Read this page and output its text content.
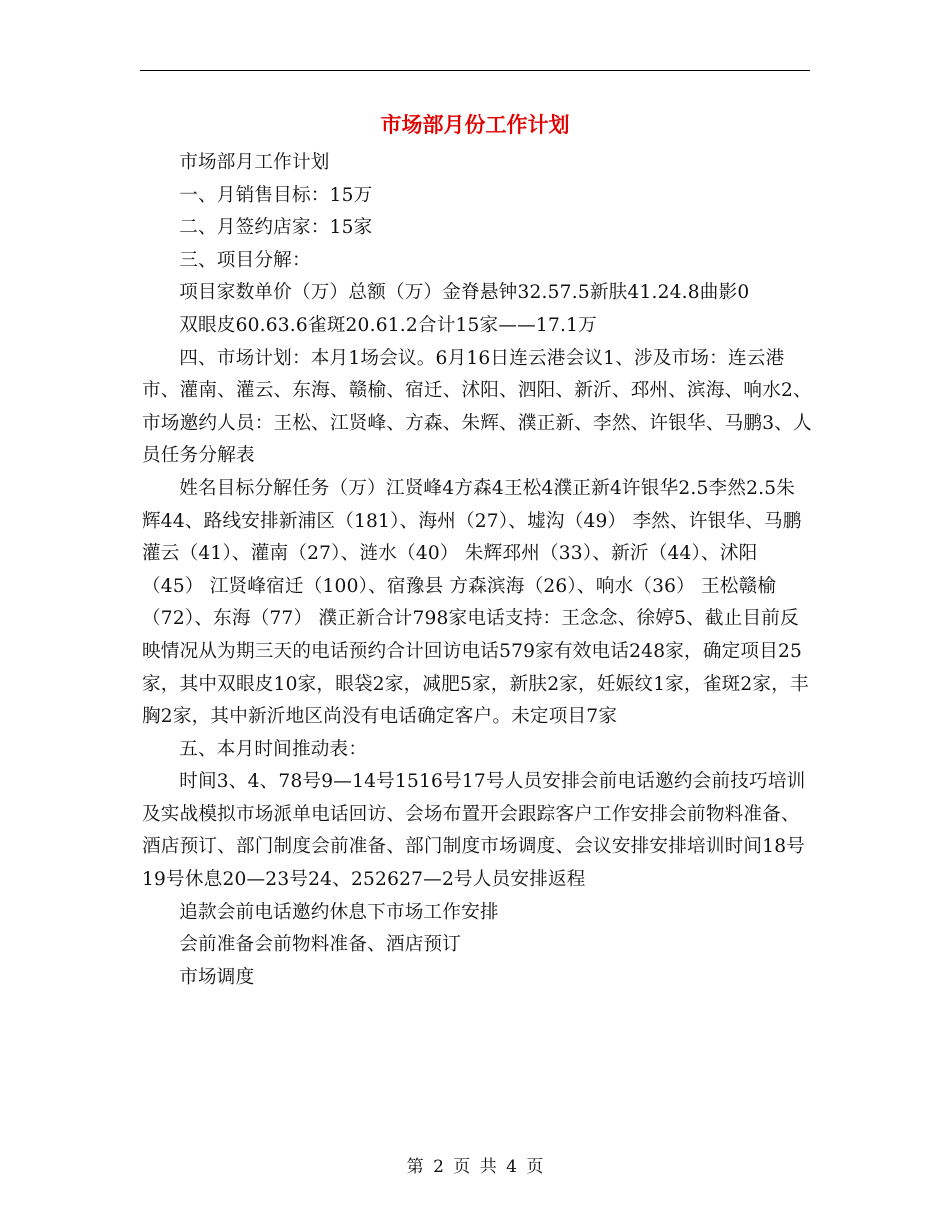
市场部月份工作计划

市场部月工作计划

一、月销售目标：15万

二、月签约店家：15家

三、项目分解：

项目家数单价（万）总额（万）金脊悬钟32.57.5新肤41.24.8曲影0

双眼皮60.63.6雀斑20.61.2合计15家——17.1万

四、市场计划：本月1场会议。6月16日连云港会议1、涉及市场：连云港市、灌南、灌云、东海、赣榆、宿迁、沭阳、泗阳、新沂、邳州、滨海、响水2、市场邀约人员：王松、江贤峰、方森、朱辉、濮正新、李然、许银华、马鹏3、人员任务分解表

姓名目标分解任务（万）江贤峰4方森4王松4濮正新4许银华2.5李然2.5朱辉44、路线安排新浦区（181）、海州（27）、墟沟（49） 李然、许银华、马鹏灌云（41）、灌南（27）、涟水（40） 朱辉邳州（33）、新沂（44）、沭阳（45） 江贤峰宿迁（100）、宿豫县 方森滨海（26）、响水（36） 王松赣榆（72）、东海（77） 濮正新合计798家电话支持：王念念、徐婷5、截止目前反映情况从为期三天的电话预约合计回访电话579家有效电话248家，确定项目25家，其中双眼皮10家，眼袋2家，减肥5家，新肤2家，妊娠纹1家，雀斑2家，丰胸2家，其中新沂地区尚没有电话确定客户。未定项目7家

五、本月时间推动表：

时间3、4、78号9—14号1516号17号人员安排会前电话邀约会前技巧培训及实战模拟市场派单电话回访、会场布置开会跟踪客户工作安排会前物料准备、酒店预订、部门制度会前准备、部门制度市场调度、会议安排安排培训时间18号19号休息20—23号24、252627—2号人员安排返程

追款会前电话邀约休息下市场工作安排

会前准备会前物料准备、酒店预订

市场调度

第 2 页 共 4 页
